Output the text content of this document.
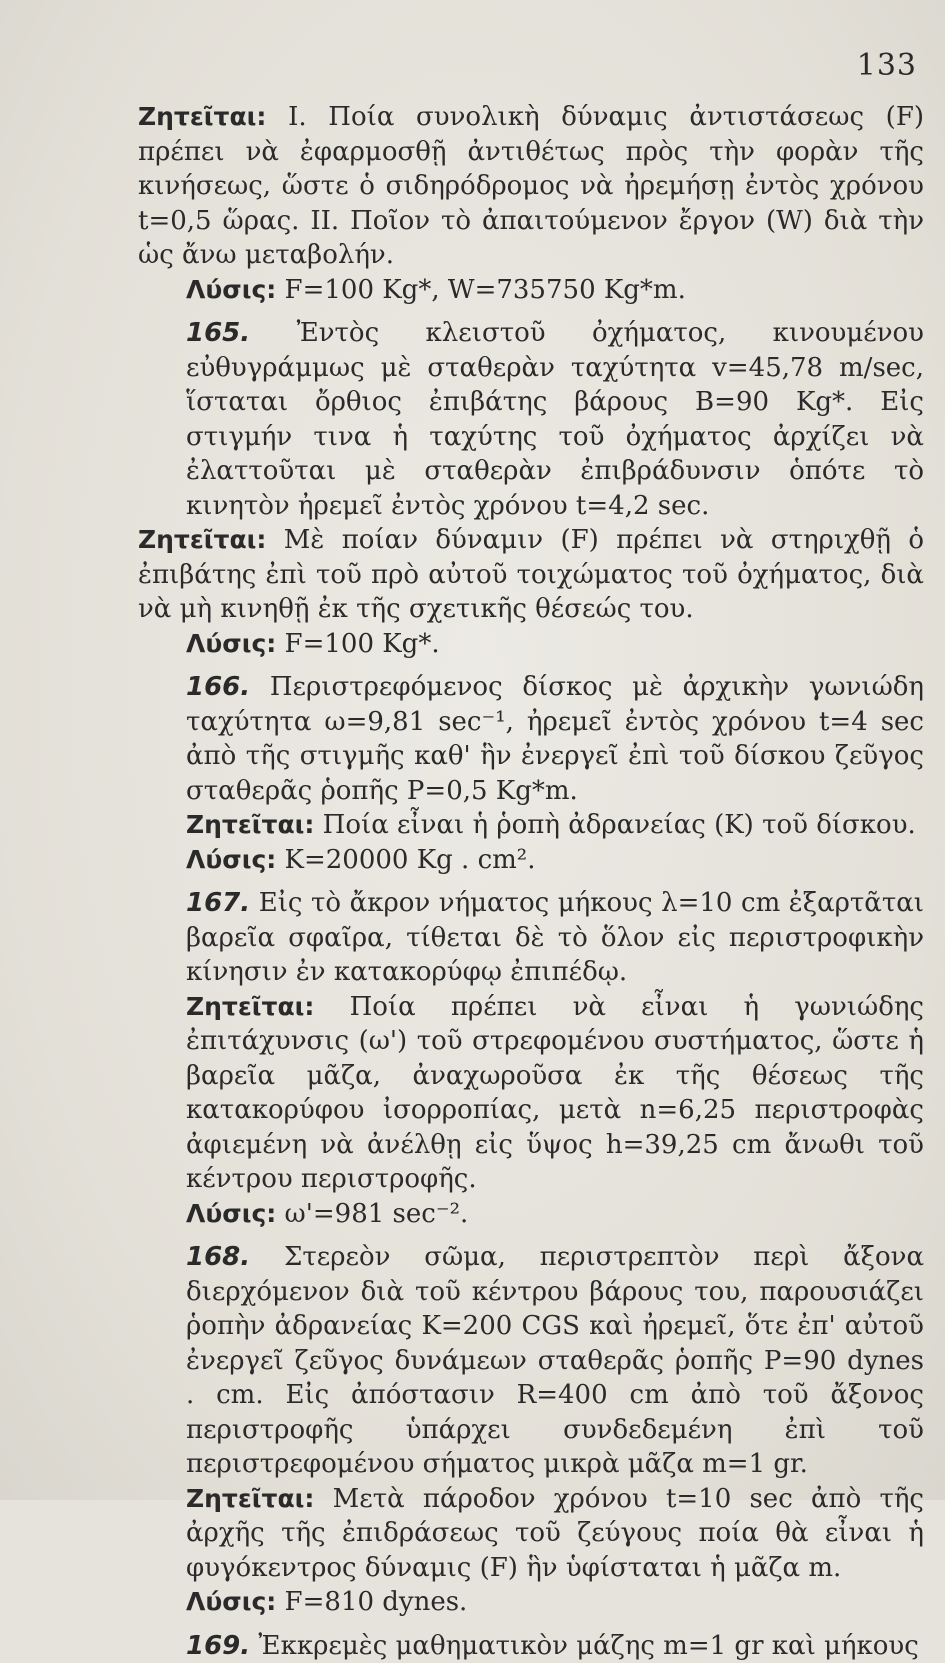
133

Ζητεῖται: I. Ποία συνολικὴ δύναμις ἀντιστάσεως (F) πρέπει νὰ ἐφαρμοσθῇ ἀντιθέτως πρὸς τὴν φορὰν τῆς κινήσεως, ὥστε ὁ σιδηρόδρομος νὰ ἠρεμήσῃ ἐντὸς χρόνου t=0,5 ὥρας. II. Ποῖον τὸ ἀπαιτούμενον ἔργον (W) διὰ τὴν ὡς ἄνω μεταβολήν.

Λύσις: F=100 Kg*, W=735750 Kg*m.

165. Ἐντὸς κλειστοῦ ὀχήματος, κινουμένου εὐθυγράμμως μὲ σταθερὰν ταχύτητα v=45,78 m/sec, ἵσταται ὄρθιος ἐπιβάτης βάρους B=90 Kg*. Εἰς στιγμήν τινα ἡ ταχύτης τοῦ ὀχήματος ἀρχίζει νὰ ἐλαττοῦται μὲ σταθερὰν ἐπιβράδυνσιν ὁπότε τὸ κινητὸν ἠρεμεῖ ἐντὸς χρόνου t=4,2 sec.

Ζητεῖται: Μὲ ποίαν δύναμιν (F) πρέπει νὰ στηριχθῇ ὁ ἐπιβάτης ἐπὶ τοῦ πρὸ αὐτοῦ τοιχώματος τοῦ ὀχήματος, διὰ νὰ μὴ κινηθῇ ἐκ τῆς σχετικῆς θέσεώς του.

Λύσις: F=100 Kg*.

166. Περιστρεφόμενος δίσκος μὲ ἀρχικὴν γωνιώδη ταχύτητα ω=9,81 sec⁻¹, ἠρεμεῖ ἐντὸς χρόνου t=4 sec ἀπὸ τῆς στιγμῆς καθ' ἣν ἐνεργεῖ ἐπὶ τοῦ δίσκου ζεῦγος σταθερᾶς ῥοπῆς P=0,5 Kg*m.

Ζητεῖται: Ποία εἶναι ἡ ῥοπὴ ἀδρανείας (K) τοῦ δίσκου.

Λύσις: K=20000 Kg . cm².

167. Εἰς τὸ ἄκρον νήματος μήκους λ=10 cm ἐξαρτᾶται βαρεῖα σφαῖρα, τίθεται δὲ τὸ ὅλον εἰς περιστροφικὴν κίνησιν ἐν κατακορύφῳ ἐπιπέδῳ.

Ζητεῖται: Ποία πρέπει νὰ εἶναι ἡ γωνιώδης ἐπιτάχυνσις (ω') τοῦ στρεφομένου συστήματος, ὥστε ἡ βαρεῖα μᾶζα, ἀναχωροῦσα ἐκ τῆς θέσεως τῆς κατακορύφου ἰσορροπίας, μετὰ n=6,25 περιστροφὰς ἀφιεμένη νὰ ἀνέλθῃ εἰς ὕψος h=39,25 cm ἄνωθι τοῦ κέντρου περιστροφῆς.

Λύσις: ω'=981 sec⁻².

168. Στερεὸν σῶμα, περιστρεπτὸν περὶ ἄξονα διερχόμενον διὰ τοῦ κέντρου βάρους του, παρουσιάζει ῥοπὴν ἀδρανείας K=200 CGS καὶ ἠρεμεῖ, ὅτε ἐπ' αὐτοῦ ἐνεργεῖ ζεῦγος δυνάμεων σταθερᾶς ῥοπῆς P=90 dynes . cm. Εἰς ἀπόστασιν R=400 cm ἀπὸ τοῦ ἄξονος περιστροφῆς ὑπάρχει συνδεδεμένη ἐπὶ τοῦ περιστρεφομένου σήματος μικρὰ μᾶζα m=1 gr.

Ζητεῖται: Μετὰ πάροδον χρόνου t=10 sec ἀπὸ τῆς ἀρχῆς τῆς ἐπιδράσεως τοῦ ζεύγους ποία θὰ εἶναι ἡ φυγόκεντρος δύναμις (F) ἣν ὑφίσταται ἡ μᾶζα m.

Λύσις: F=810 dynes.

169. Ἐκκρεμὲς μαθηματικὸν μάζης m=1 gr καὶ μήκους
